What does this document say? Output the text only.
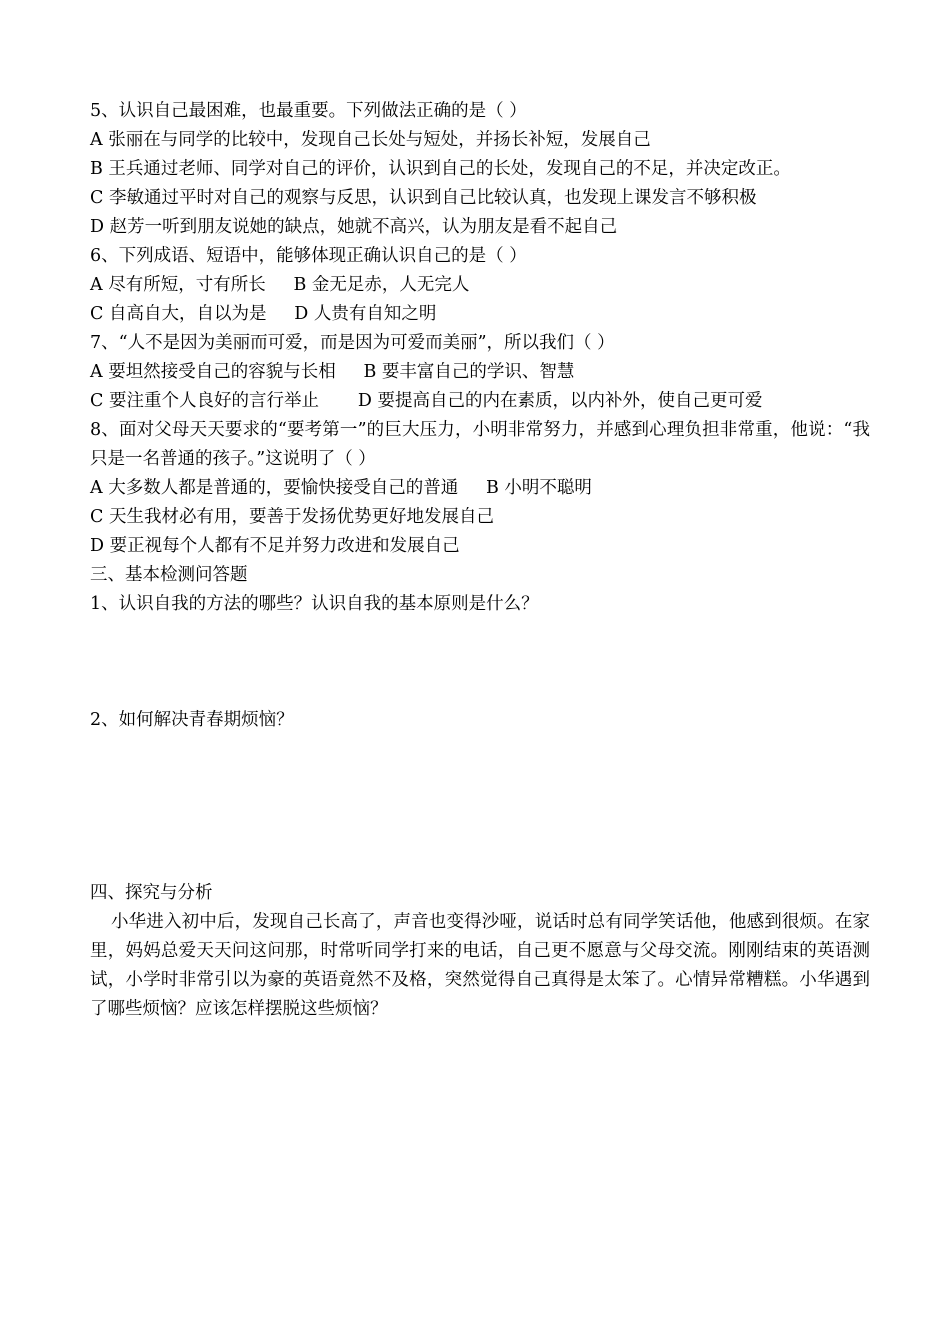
5、认识自己最困难，也最重要。下列做法正确的是（ ）
A 张丽在与同学的比较中，发现自己长处与短处，并扬长补短，发展自己
B 王兵通过老师、同学对自己的评价，认识到自己的长处，发现自己的不足，并决定改正。
C 李敏通过平时对自己的观察与反思，认识到自己比较认真，也发现上课发言不够积极
D 赵芳一听到朋友说她的缺点，她就不高兴，认为朋友是看不起自己
6、下列成语、短语中，能够体现正确认识自己的是（ ）
A 尽有所短，寸有所长     B 金无足赤，人无完人
C 自高自大，自以为是     D 人贵有自知之明
7、“人不是因为美丽而可爱，而是因为可爱而美丽”，所以我们（ ）
A 要坦然接受自己的容貌与长相     B 要丰富自己的学识、智慧
C 要注重个人良好的言行举止       D 要提高自己的内在素质，以内补外，使自己更可爱
8、面对父母天天要求的“要考第一”的巨大压力，小明非常努力，并感到心理负担非常重，他说：“我只是一名普通的孩子。”这说明了（ ）
A 大多数人都是普通的，要愉快接受自己的普通     B 小明不聪明
C 天生我材必有用，要善于发扬优势更好地发展自己
D 要正视每个人都有不足并努力改进和发展自己
三、基本检测问答题
1、认识自我的方法的哪些？认识自我的基本原则是什么？
2、如何解决青春期烦恼？
四、探究与分析
小华进入初中后，发现自己长高了，声音也变得沙哑，说话时总有同学笑话他，他感到很烦。在家里，妈妈总爱天天问这问那，时常听同学打来的电话，自己更不愿意与父母交流。刚刚结束的英语测试，小学时非常引以为豪的英语竟然不及格，突然觉得自己真得是太笨了。心情异常糟糕。小华遇到了哪些烦恼？应该怎样摆脱这些烦恼？
